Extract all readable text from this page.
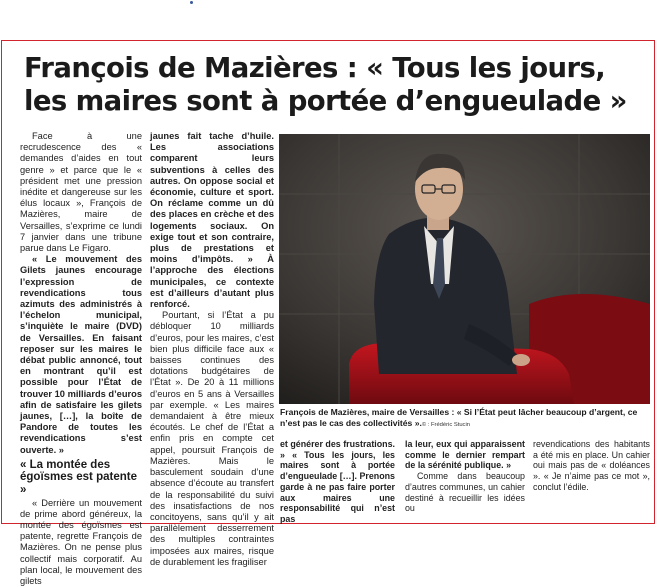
François de Mazières : « Tous les jours,
les maires sont à portée d’engueulade »

Face à une recrudescence des « demandes d’aides en tout genre » et parce que le « président met une pression inédite et dangereuse sur les élus locaux », François de Mazières, maire de Versailles, s’exprime ce lundi 7 janvier dans une tribune parue dans Le Figaro.

« Le mouvement des Gilets jaunes encourage l’expression de revendications tous azimuts des administrés à l’échelon municipal, s’inquiète le maire (DVD) de Versailles. En faisant reposer sur les maires le débat public annoncé, tout en montrant qu’il est possible pour l’État de trouver 10 milliards d’euros afin de satisfaire les gilets jaunes, […], la boîte de Pandore de toutes les revendications s’est ouverte. »

« La montée des égoïsmes est patente »

« Derrière un mouvement de prime abord généreux, la montée des égoïsmes est patente, regrette François de Mazières. On ne pense plus collectif mais corporatif. Au plan local, le mouvement des gilets

jaunes fait tache d’huile. Les associations comparent leurs subventions à celles des autres. On oppose social et économie, culture et sport. On réclame comme un dû des places en crèche et des logements sociaux. On exige tout et son contraire, plus de prestations et moins d’impôts. » À l’approche des élections municipales, ce contexte est d’ailleurs d’autant plus renforcé.

Pourtant, si l’État a pu débloquer 10 milliards d’euros, pour les maires, c’est bien plus difficile face aux « baisses continues des dotations budgétaires de l’État ». De 20 à 11 millions d’euros en 5 ans à Versailles par exemple. « Les maires demandaient à être mieux écoutés. Le chef de l’État a enfin pris en compte cet appel, poursuit François de Mazières. Mais le basculement soudain d’une absence d’écoute au transfert de la responsabilité du suivi des insatisfactions de nos concitoyens, sans qu’il y ait parallèlement desserrement des multiples contraintes imposées aux maires, risque de durablement les fragiliser

François de Mazières, maire de Versailles : « Si l’État peut lâcher beaucoup d’argent, ce n’est pas le cas des collectivités ».© : Frédéric Stucin

et générer des frustrations. » « Tous les jours, les maires sont à portée d’engueulade […]. Prenons garde à ne pas faire porter aux maires une responsabilité qui n’est pas

la leur, eux qui apparaissent comme le dernier rempart de la sérénité publique. »

Comme dans beaucoup d’autres communes, un cahier destiné à recueillir les idées ou

revendications des habitants a été mis en place. Un cahier oui mais pas de « doléances ». « Je n’aime pas ce mot », conclut l’édile.
